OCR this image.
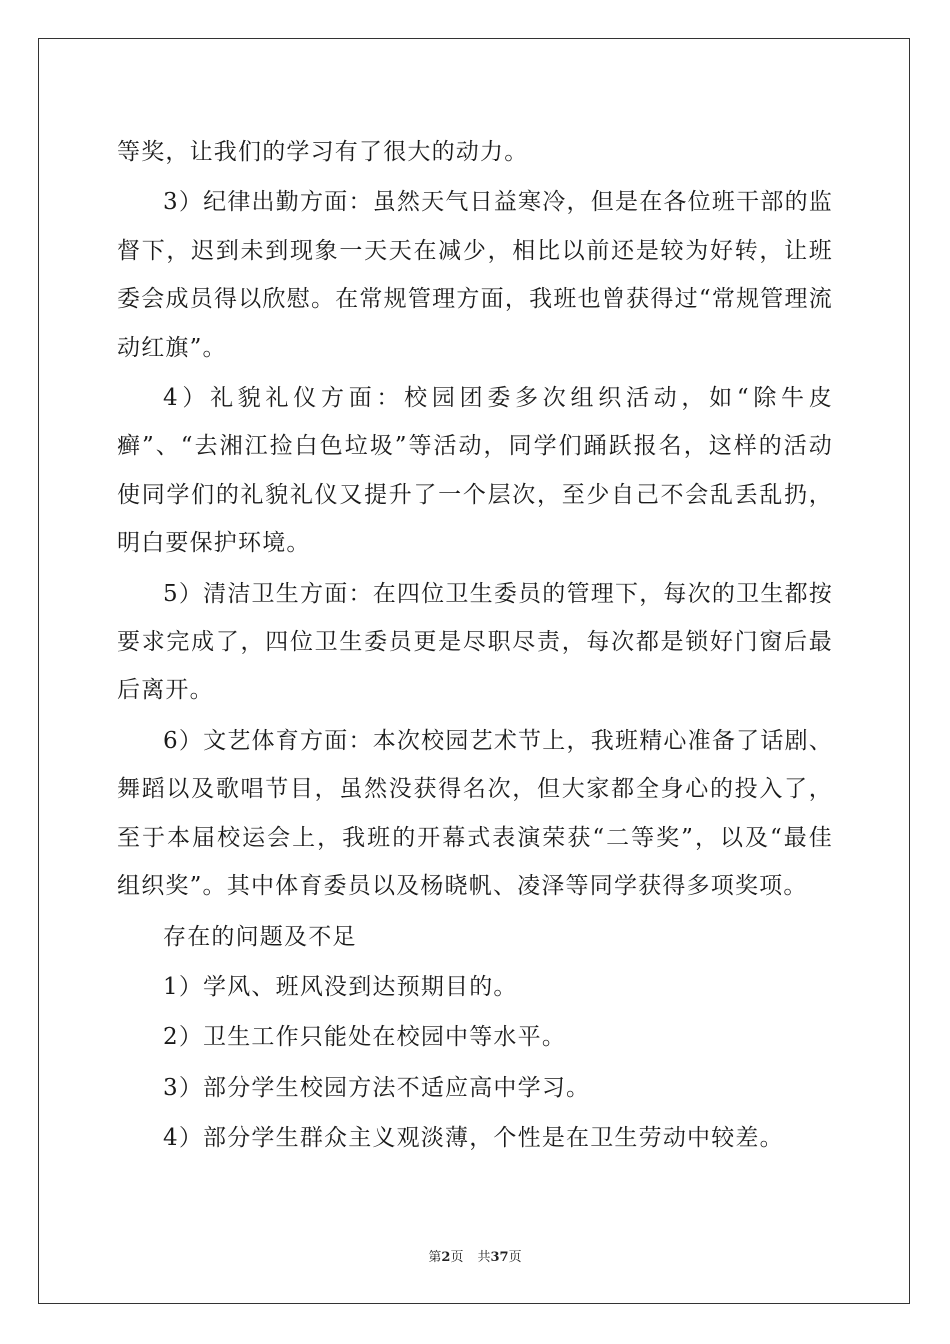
等奖，让我们的学习有了很大的动力。

3）纪律出勤方面：虽然天气日益寒冷，但是在各位班干部的监督下，迟到未到现象一天天在减少，相比以前还是较为好转，让班委会成员得以欣慰。在常规管理方面，我班也曾获得过“常规管理流动红旗”。

4）礼貌礼仪方面：校园团委多次组织活动，如“除牛皮癣”、“去湘江捡白色垃圾”等活动，同学们踊跃报名，这样的活动使同学们的礼貌礼仪又提升了一个层次，至少自己不会乱丢乱扔，明白要保护环境。

5）清洁卫生方面：在四位卫生委员的管理下，每次的卫生都按要求完成了，四位卫生委员更是尽职尽责，每次都是锁好门窗后最后离开。

6）文艺体育方面：本次校园艺术节上，我班精心准备了话剧、舞蹈以及歌唱节目，虽然没获得名次，但大家都全身心的投入了，至于本届校运会上，我班的开幕式表演荣获“二等奖”，以及“最佳组织奖”。其中体育委员以及杨晓帆、凌泽等同学获得多项奖项。

存在的问题及不足

1）学风、班风没到达预期目的。

2）卫生工作只能处在校园中等水平。

3）部分学生校园方法不适应高中学习。

4）部分学生群众主义观淡薄，个性是在卫生劳动中较差。

第2页 共37页
